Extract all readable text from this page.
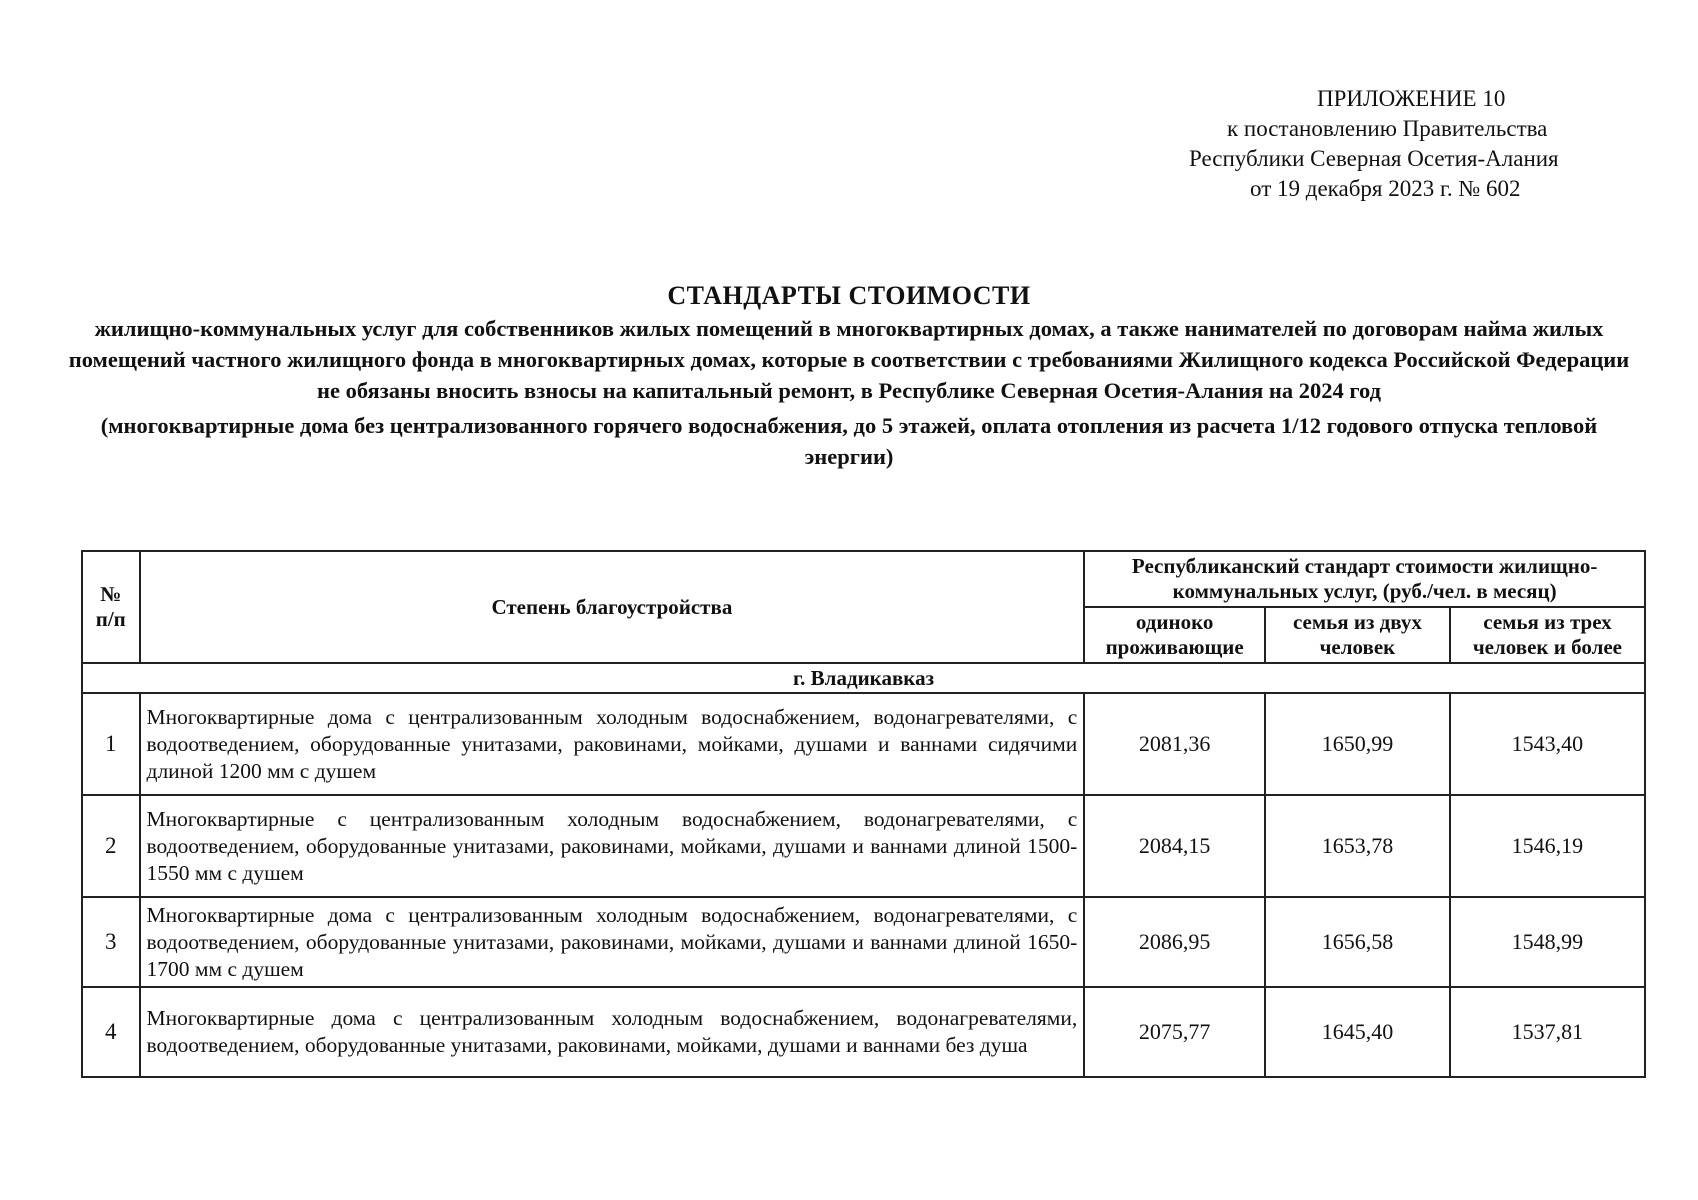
ПРИЛОЖЕНИЕ 10
к постановлению Правительства
Республики Северная Осетия-Алания
от 19 декабря 2023 г. № 602
СТАНДАРТЫ СТОИМОСТИ
жилищно-коммунальных услуг для собственников жилых помещений в многоквартирных домах, а также нанимателей по договорам найма жилых помещений частного жилищного фонда в многоквартирных домах, которые в соответствии с требованиями Жилищного кодекса Российской Федерации не обязаны вносить взносы на капитальный ремонт, в Республике Северная Осетия-Алания на 2024 год
(многоквартирные дома без централизованного горячего водоснабжения, до 5 этажей, оплата отопления из расчета 1/12 годового отпуска тепловой энергии)
№ п/п	Степень благоустройства	Республиканский стандарт стоимости жилищно-коммунальных услуг, (руб./чел. в месяц)		
		одиноко проживающие	семья из двух человек	семья из трех человек и более
г. Владикавказ				
1	Многоквартирные дома с централизованным холодным водоснабжением, водонагревателями, с водоотведением, оборудованные унитазами, раковинами, мойками, душами и ваннами сидячими длиной 1200 мм с душем	2081,36	1650,99	1543,40
2	Многоквартирные с централизованным холодным водоснабжением, водонагревателями, с водоотведением, оборудованные унитазами, раковинами, мойками, душами и ваннами длиной 1500-1550 мм с душем	2084,15	1653,78	1546,19
3	Многоквартирные дома с централизованным холодным водоснабжением, водонагревателями, с водоотведением, оборудованные унитазами, раковинами, мойками, душами и ваннами длиной 1650-1700 мм с душем	2086,95	1656,58	1548,99
4	Многоквартирные дома с централизованным холодным водоснабжением, водонагревателями, водоотведением, оборудованные унитазами, раковинами, мойками, душами и ваннами без душа	2075,77	1645,40	1537,81
